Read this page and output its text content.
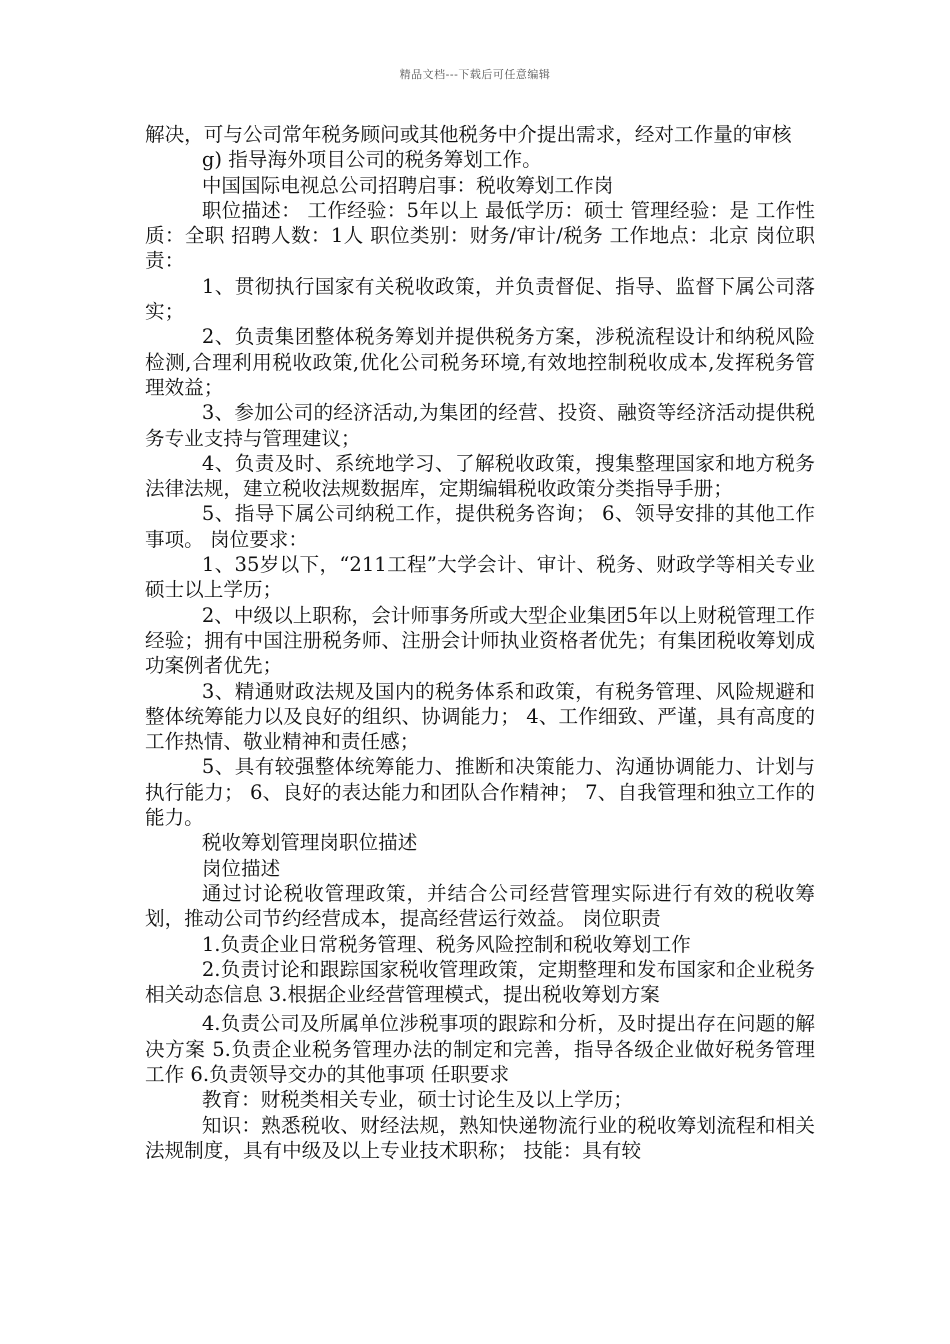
精品文档---下载后可任意编辑

解决，可与公司常年税务顾问或其他税务中介提出需求，经对工作量的审核

g) 指导海外项目公司的税务筹划工作。

中国国际电视总公司招聘启事：税收筹划工作岗

职位描述： 工作经验：5年以上 最低学历：硕士 管理经验：是 工作性质：全职 招聘人数：1人 职位类别：财务/审计/税务 工作地点：北京 岗位职责：

1、贯彻执行国家有关税收政策，并负责督促、指导、监督下属公司落实；

2、负责集团整体税务筹划并提供税务方案，涉税流程设计和纳税风险检测,合理利用税收政策,优化公司税务环境,有效地控制税收成本,发挥税务管理效益；

3、参加公司的经济活动,为集团的经营、投资、融资等经济活动提供税务专业支持与管理建议；

4、负责及时、系统地学习、了解税收政策，搜集整理国家和地方税务法律法规，建立税收法规数据库，定期编辑税收政策分类指导手册；

5、指导下属公司纳税工作，提供税务咨询； 6、领导安排的其他工作事项。 岗位要求：

1、35岁以下，“211工程”大学会计、审计、税务、财政学等相关专业硕士以上学历；

2、中级以上职称，会计师事务所或大型企业集团5年以上财税管理工作经验；拥有中国注册税务师、注册会计师执业资格者优先；有集团税收筹划成功案例者优先；

3、精通财政法规及国内的税务体系和政策，有税务管理、风险规避和整体统筹能力以及良好的组织、协调能力； 4、工作细致、严谨，具有高度的工作热情、敬业精神和责任感；

5、具有较强整体统筹能力、推断和决策能力、沟通协调能力、计划与执行能力； 6、良好的表达能力和团队合作精神； 7、自我管理和独立工作的能力。

税收筹划管理岗职位描述

岗位描述

通过讨论税收管理政策，并结合公司经营管理实际进行有效的税收筹划，推动公司节约经营成本，提高经营运行效益。 岗位职责

1.负责企业日常税务管理、税务风险控制和税收筹划工作

2.负责讨论和跟踪国家税收管理政策，定期整理和发布国家和企业税务相关动态信息 3.根据企业经营管理模式，提出税收筹划方案

4.负责公司及所属单位涉税事项的跟踪和分析，及时提出存在问题的解决方案 5.负责企业税务管理办法的制定和完善，指导各级企业做好税务管理工作 6.负责领导交办的其他事项 任职要求

教育：财税类相关专业，硕士讨论生及以上学历；

知识：熟悉税收、财经法规，熟知快递物流行业的税收筹划流程和相关法规制度，具有中级及以上专业技术职称； 技能：具有较
